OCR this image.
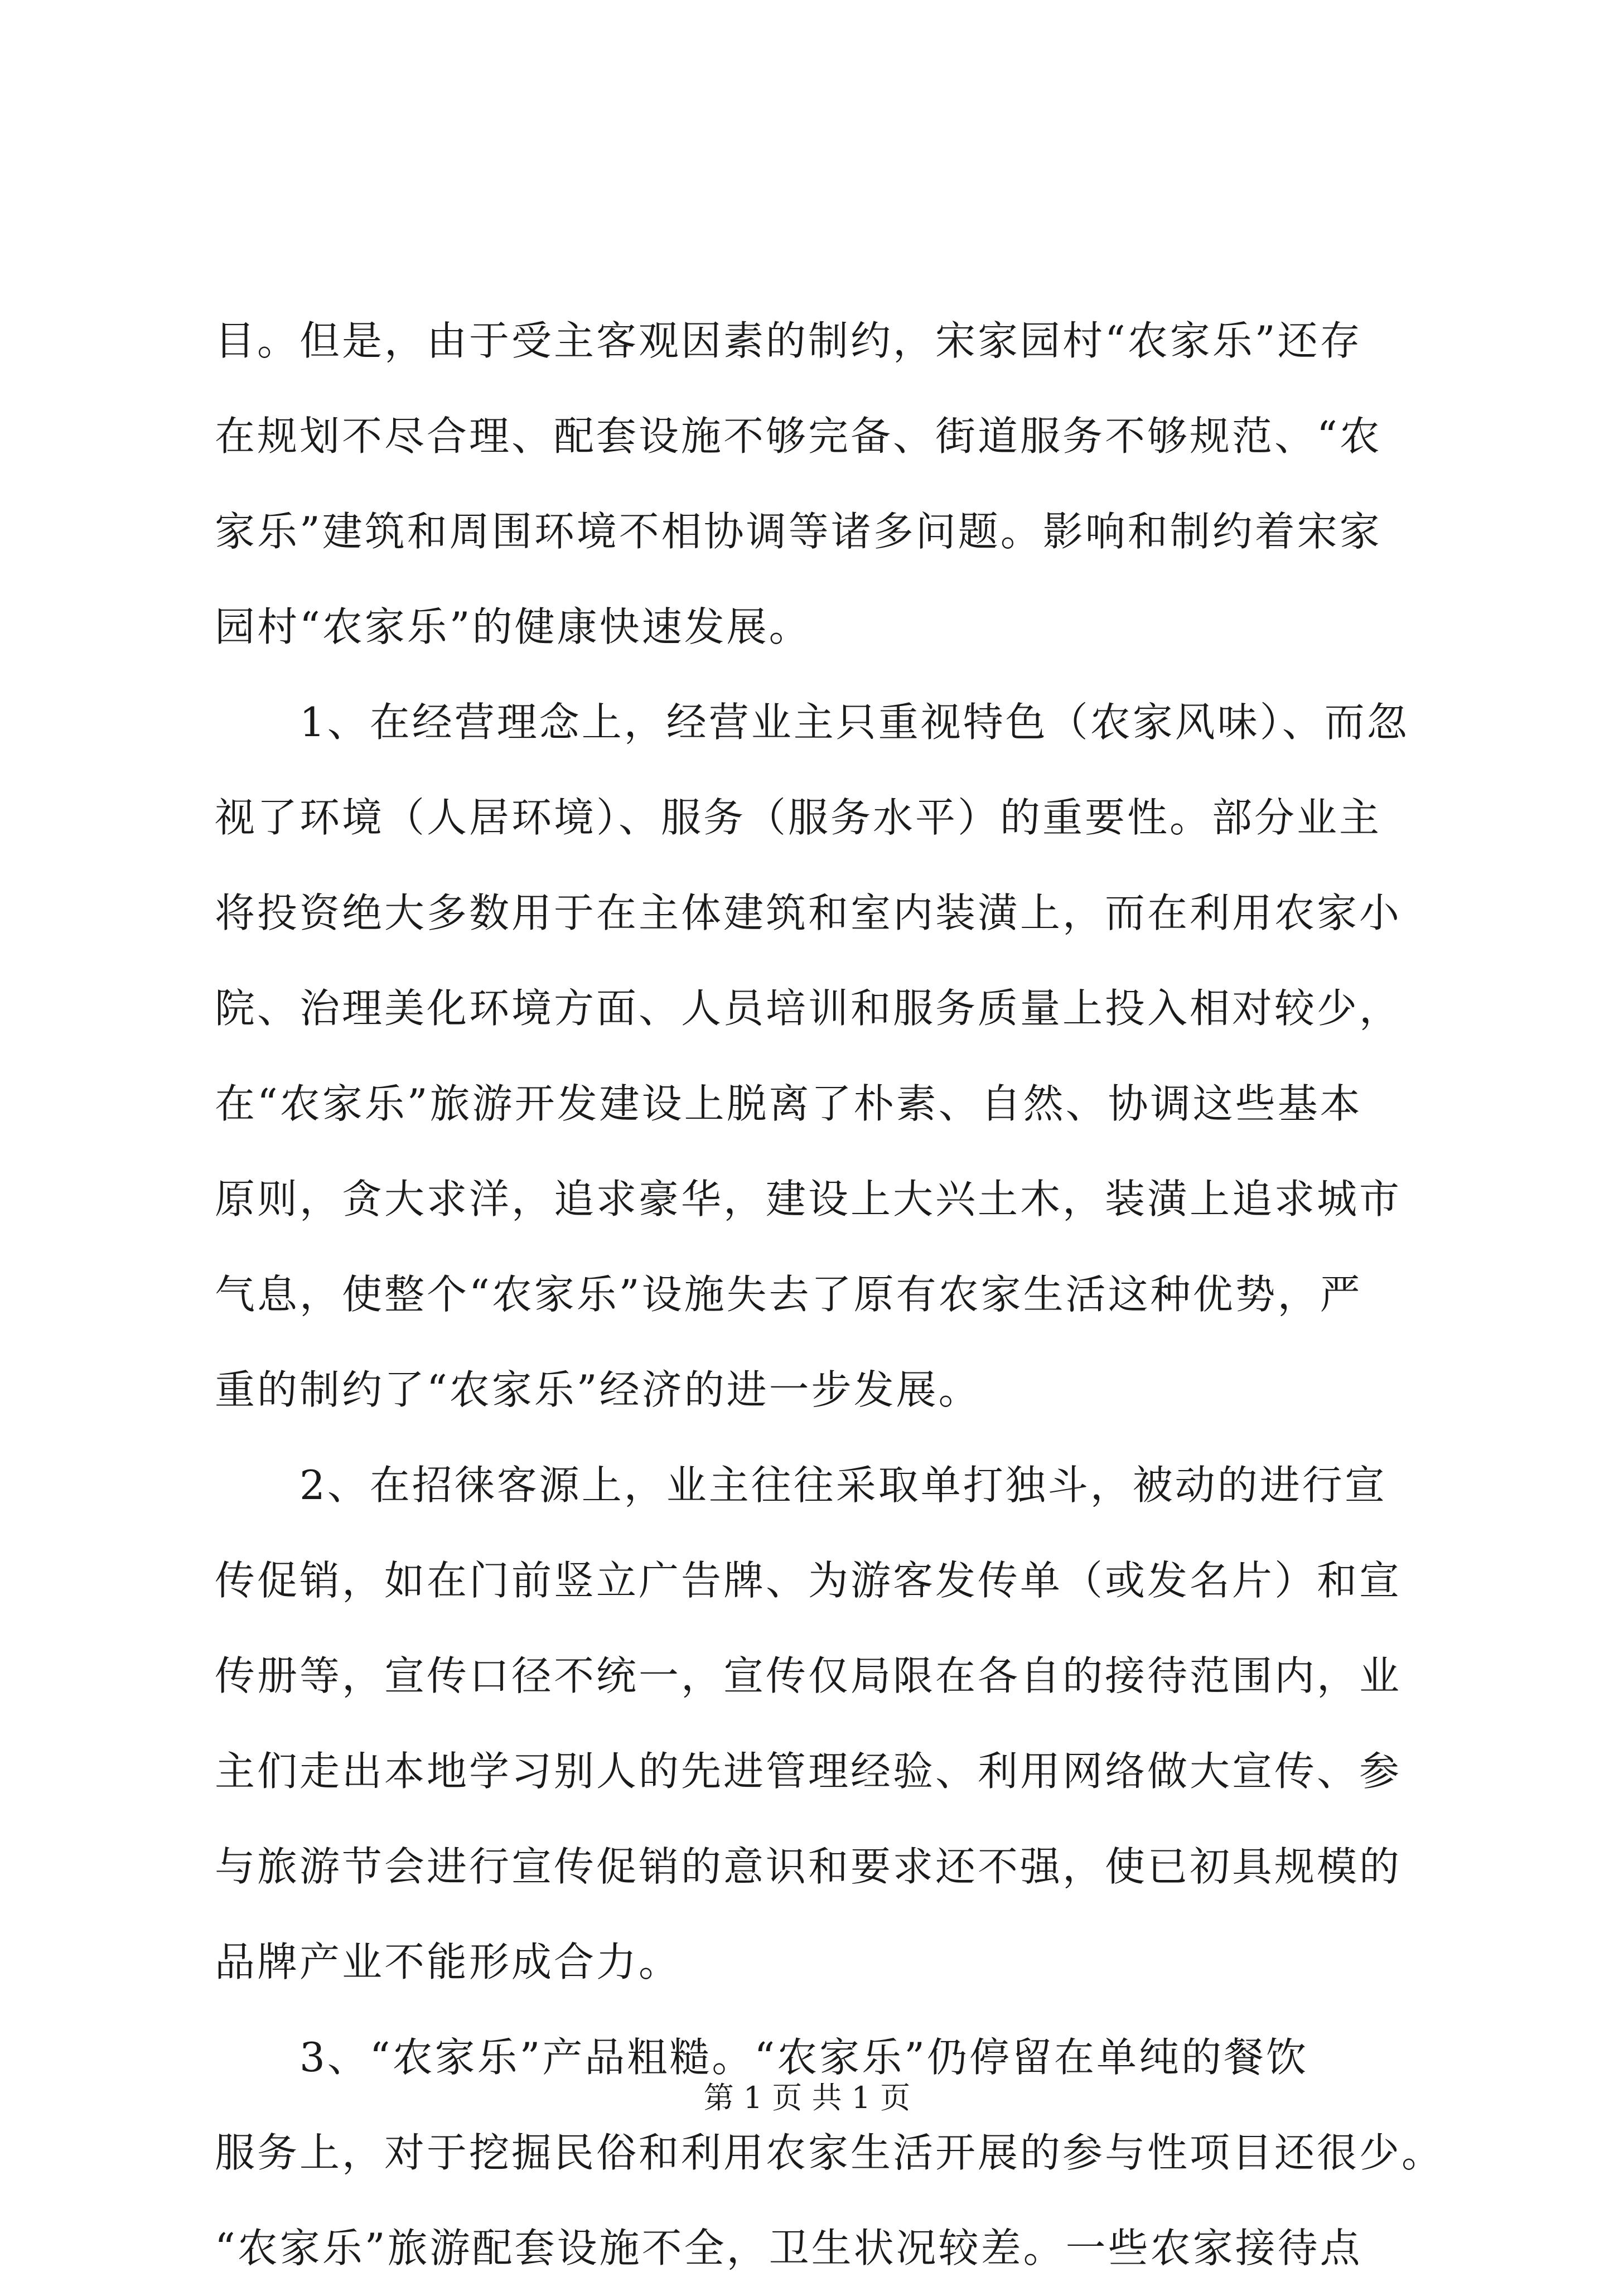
目。但是，由于受主客观因素的制约，宋家园村“农家乐”还存
在规划不尽合理、配套设施不够完备、街道服务不够规范、“农
家乐”建筑和周围环境不相协调等诸多问题。影响和制约着宋家
园村“农家乐”的健康快速发展。
　　1、在经营理念上，经营业主只重视特色（农家风味）、而忽
视了环境（人居环境）、服务（服务水平）的重要性。部分业主
将投资绝大多数用于在主体建筑和室内装潢上，而在利用农家小
院、治理美化环境方面、人员培训和服务质量上投入相对较少，
在“农家乐”旅游开发建设上脱离了朴素、自然、协调这些基本
原则，贪大求洋，追求豪华，建设上大兴土木，装潢上追求城市
气息，使整个“农家乐”设施失去了原有农家生活这种优势，严
重的制约了“农家乐”经济的进一步发展。
　　2、在招徕客源上，业主往往采取单打独斗，被动的进行宣
传促销，如在门前竖立广告牌、为游客发传单（或发名片）和宣
传册等，宣传口径不统一，宣传仅局限在各自的接待范围内，业
主们走出本地学习别人的先进管理经验、利用网络做大宣传、参
与旅游节会进行宣传促销的意识和要求还不强，使已初具规模的
品牌产业不能形成合力。
　　3、“农家乐”产品粗糙。“农家乐”仍停留在单纯的餐饮
服务上，对于挖掘民俗和利用农家生活开展的参与性项目还很少。
“农家乐”旅游配套设施不全，卫生状况较差。一些农家接待点
第 1 页 共 1 页
